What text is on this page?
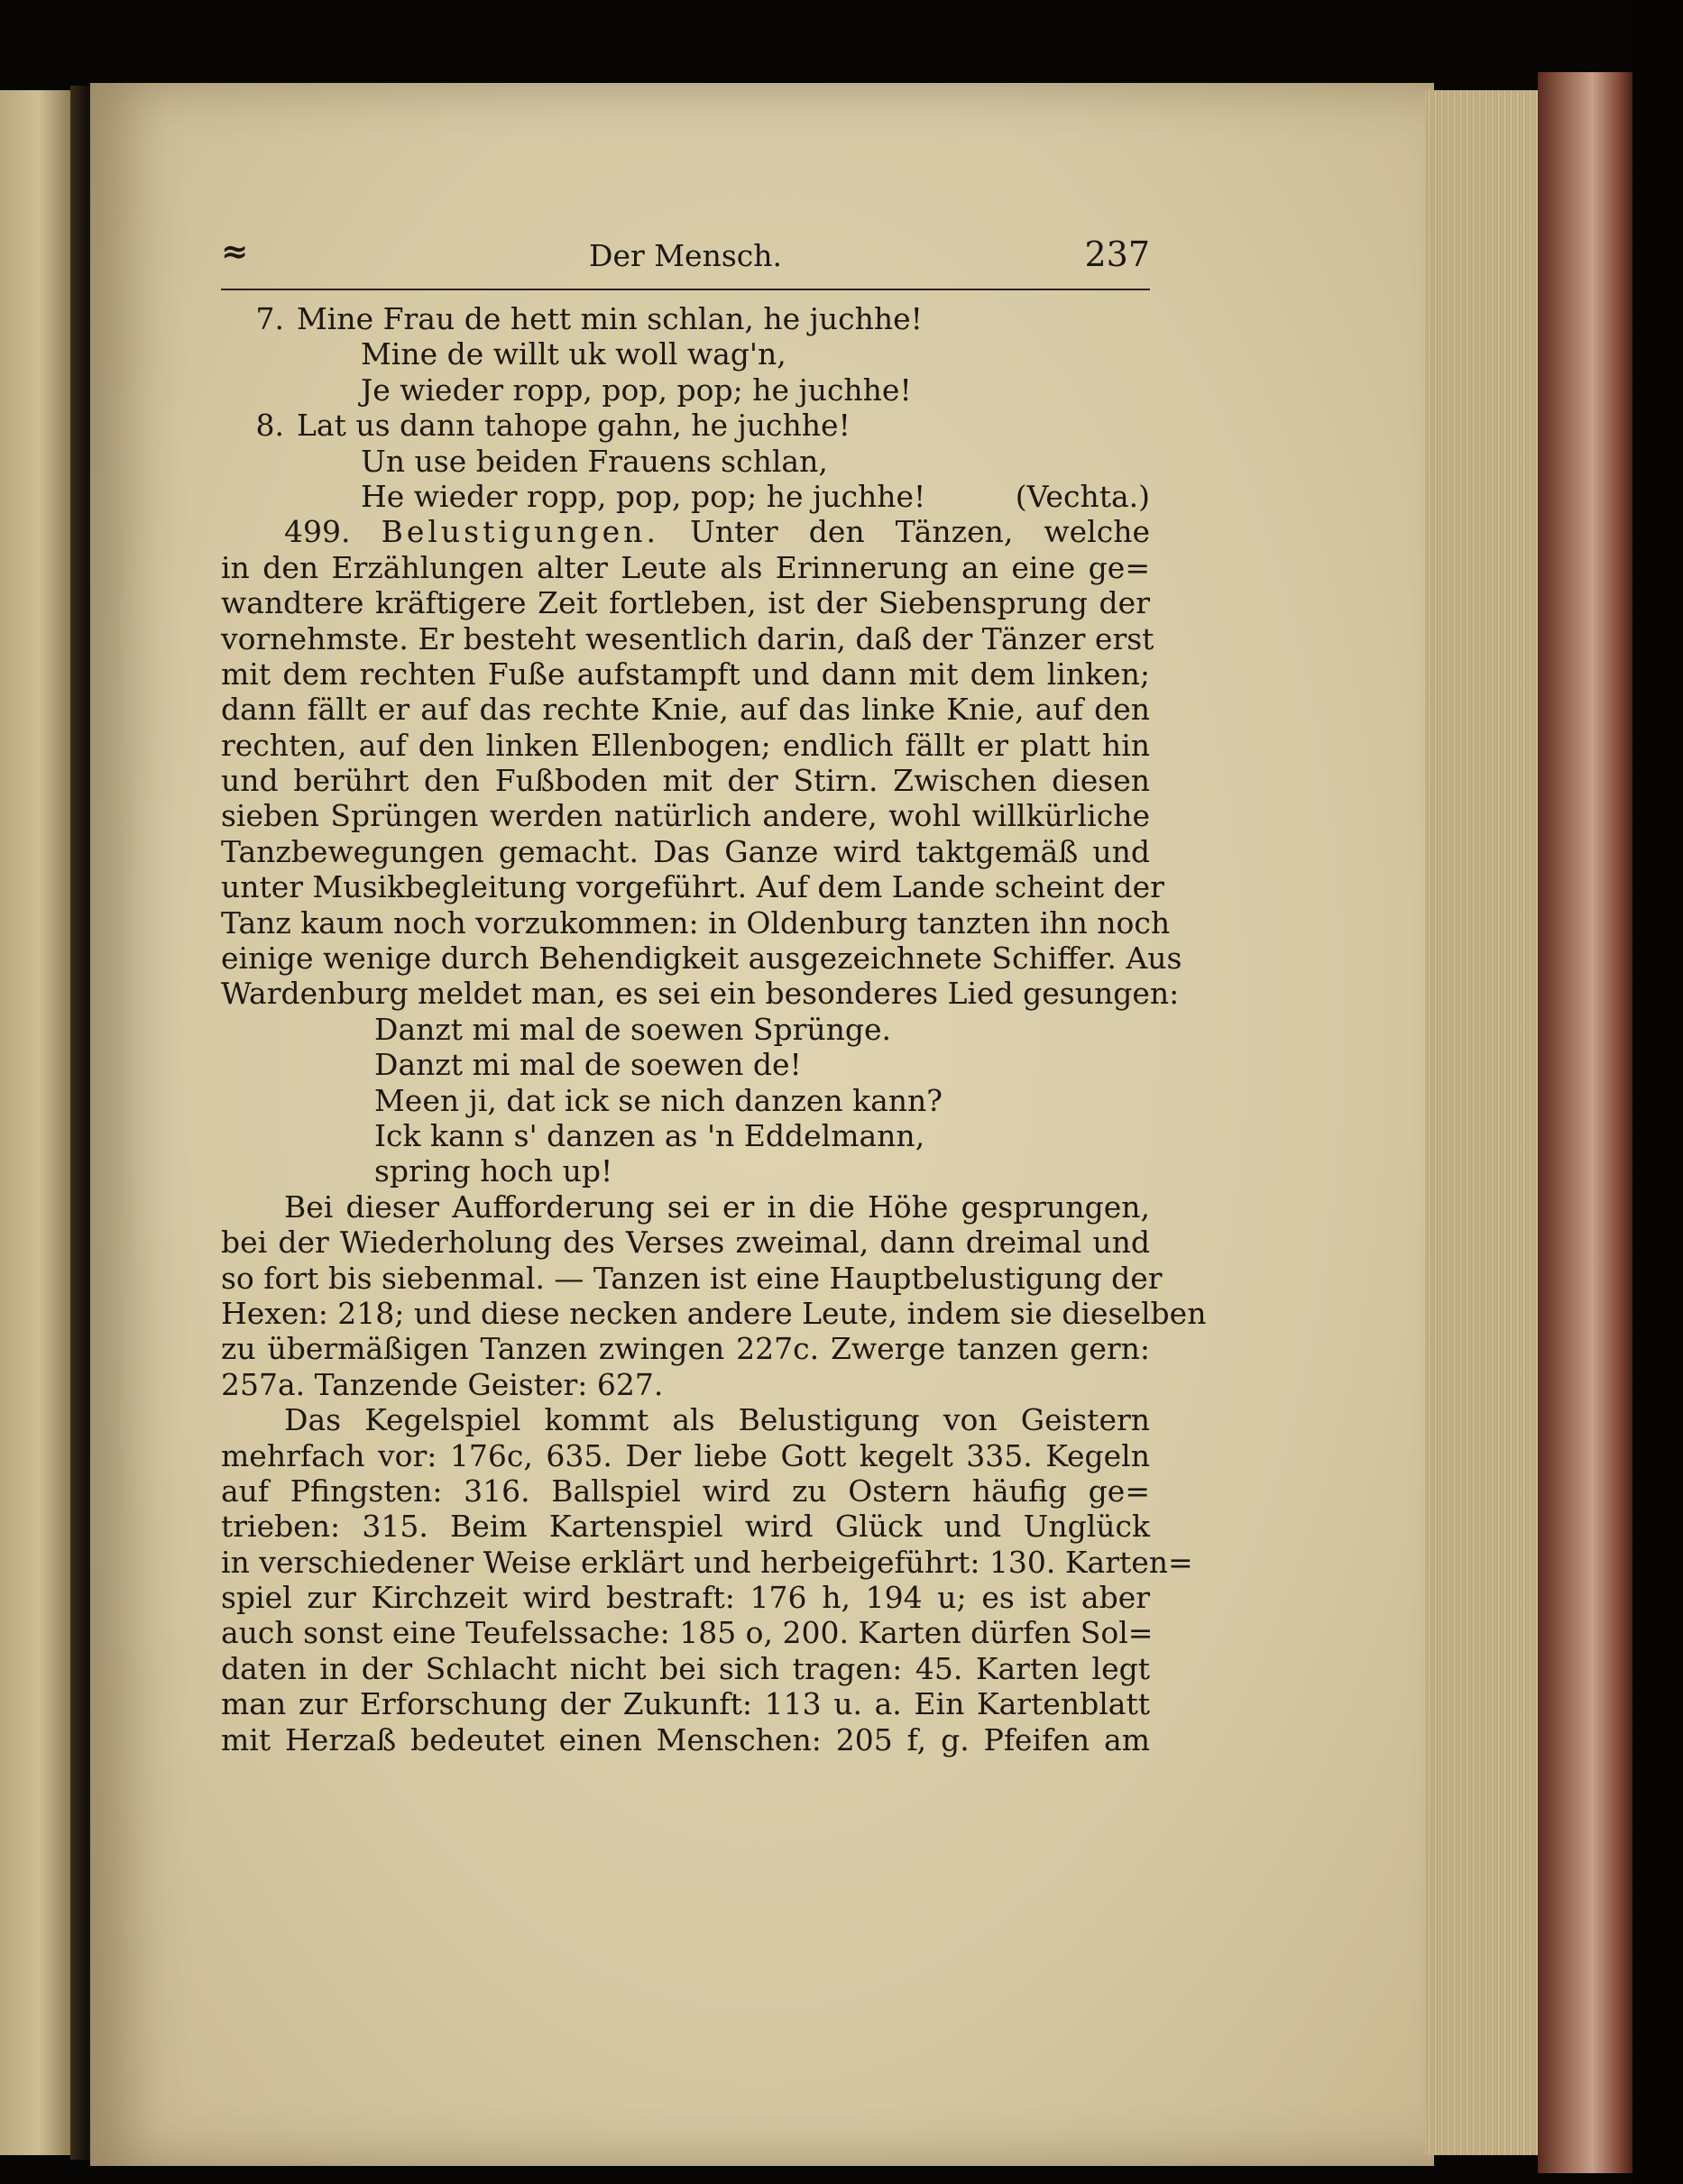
≈	Der Mensch.	237
7. Mine Frau de hett min schlan, he juchhe!
Mine de willt uk woll wag'n,
Je wieder ropp, pop, pop; he juchhe!
8. Lat us dann tahope gahn, he juchhe!
Un use beiden Frauens schlan,
He wieder ropp, pop, pop; he juchhe!	(Vechta.)
499. Belustigungen. Unter den Tänzen, welche
in den Erzählungen alter Leute als Erinnerung an eine ge=
wandtere kräftigere Zeit fortleben, ist der Siebensprung der
vornehmste. Er besteht wesentlich darin, daß der Tänzer erst
mit dem rechten Fuße aufstampft und dann mit dem linken;
dann fällt er auf das rechte Knie, auf das linke Knie, auf den
rechten, auf den linken Ellenbogen; endlich fällt er platt hin
und berührt den Fußboden mit der Stirn. Zwischen diesen
sieben Sprüngen werden natürlich andere, wohl willkürliche
Tanzbewegungen gemacht. Das Ganze wird taktgemäß und
unter Musikbegleitung vorgeführt. Auf dem Lande scheint der
Tanz kaum noch vorzukommen: in Oldenburg tanzten ihn noch
einige wenige durch Behendigkeit ausgezeichnete Schiffer. Aus
Wardenburg meldet man, es sei ein besonderes Lied gesungen:
Danzt mi mal de soewen Sprünge.
Danzt mi mal de soewen de!
Meen ji, dat ick se nich danzen kann?
Ick kann s' danzen as 'n Eddelmann,
spring hoch up!
Bei dieser Aufforderung sei er in die Höhe gesprungen,
bei der Wiederholung des Verses zweimal, dann dreimal und
so fort bis siebenmal. — Tanzen ist eine Hauptbelustigung der
Hexen: 218; und diese necken andere Leute, indem sie dieselben
zu übermäßigen Tanzen zwingen 227c. Zwerge tanzen gern:
257a. Tanzende Geister: 627.
Das Kegelspiel kommt als Belustigung von Geistern
mehrfach vor: 176c, 635. Der liebe Gott kegelt 335. Kegeln
auf Pfingsten: 316. Ballspiel wird zu Ostern häufig ge=
trieben: 315. Beim Kartenspiel wird Glück und Unglück
in verschiedener Weise erklärt und herbeigeführt: 130. Karten=
spiel zur Kirchzeit wird bestraft: 176 h, 194 u; es ist aber
auch sonst eine Teufelssache: 185 o, 200. Karten dürfen Sol=
daten in der Schlacht nicht bei sich tragen: 45. Karten legt
man zur Erforschung der Zukunft: 113 u. a. Ein Kartenblatt
mit Herzaß bedeutet einen Menschen: 205 f, g. Pfeifen am
